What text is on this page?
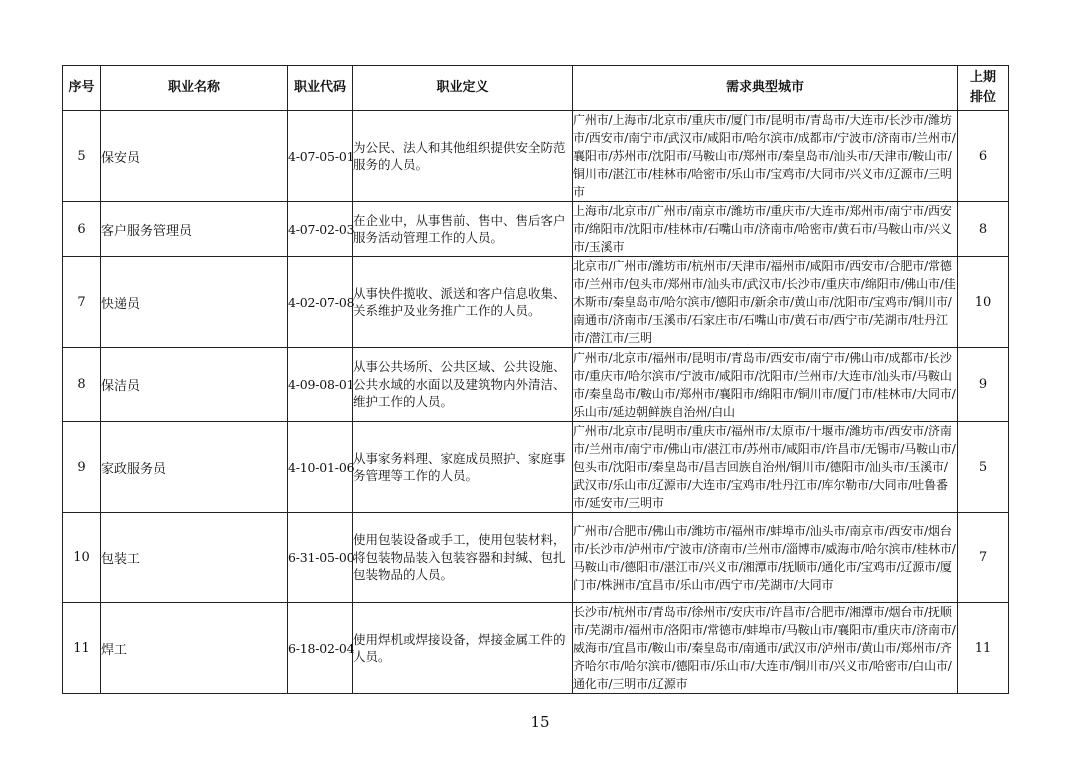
序号	职业名称	职业代码	职业定义	需求典型城市	上期排位
5	保安员	4-07-05-01	为公民、法人和其他组织提供安全防范服务的人员。	广州市/上海市/北京市/重庆市/厦门市/昆明市/青岛市/大连市/长沙市/潍坊市/西安市/南宁市/武汉市/咸阳市/哈尔滨市/成都市/宁波市/济南市/兰州市/襄阳市/苏州市/沈阳市/马鞍山市/郑州市/秦皇岛市/汕头市/天津市/鞍山市/铜川市/湛江市/桂林市/哈密市/乐山市/宝鸡市/大同市/兴义市/辽源市/三明市	6
6	客户服务管理员	4-07-02-03	在企业中，从事售前、售中、售后客户服务活动管理工作的人员。	上海市/北京市/广州市/南京市/潍坊市/重庆市/大连市/郑州市/南宁市/西安市/绵阳市/沈阳市/桂林市/石嘴山市/济南市/哈密市/黄石市/马鞍山市/兴义市/玉溪市	8
7	快递员	4-02-07-08	从事快件揽收、派送和客户信息收集、关系维护及业务推广工作的人员。	北京市/广州市/潍坊市/杭州市/天津市/福州市/咸阳市/西安市/合肥市/常德市/兰州市/包头市/郑州市/汕头市/武汉市/长沙市/重庆市/绵阳市/佛山市/佳木斯市/秦皇岛市/哈尔滨市/德阳市/新余市/黄山市/沈阳市/宝鸡市/铜川市/南通市/济南市/玉溪市/石家庄市/石嘴山市/黄石市/西宁市/芜湖市/牡丹江市/潜江市/三明	10
8	保洁员	4-09-08-01	从事公共场所、公共区域、公共设施、公共水域的水面以及建筑物内外清洁、维护工作的人员。	广州市/北京市/福州市/昆明市/青岛市/西安市/南宁市/佛山市/成都市/长沙市/重庆市/哈尔滨市/宁波市/咸阳市/沈阳市/兰州市/大连市/汕头市/马鞍山市/秦皇岛市/鞍山市/郑州市/襄阳市/绵阳市/铜川市/厦门市/桂林市/大同市/乐山市/延边朝鲜族自治州/白山	9
9	家政服务员	4-10-01-06	从事家务料理、家庭成员照护、家庭事务管理等工作的人员。	广州市/北京市/昆明市/重庆市/福州市/太原市/十堰市/潍坊市/西安市/济南市/兰州市/南宁市/佛山市/湛江市/苏州市/咸阳市/许昌市/无锡市/马鞍山市/包头市/沈阳市/秦皇岛市/昌吉回族自治州/铜川市/德阳市/汕头市/玉溪市/武汉市/乐山市/辽源市/大连市/宝鸡市/牡丹江市/库尔勒市/大同市/吐鲁番市/延安市/三明市	5
10	包装工	6-31-05-00	使用包装设备或手工，使用包装材料，将包装物品装入包装容器和封缄、包扎包装物品的人员。	广州市/合肥市/佛山市/潍坊市/福州市/蚌埠市/汕头市/南京市/西安市/烟台市/长沙市/泸州市/宁波市/济南市/兰州市/淄博市/威海市/哈尔滨市/桂林市/马鞍山市/德阳市/湛江市/兴义市/湘潭市/抚顺市/通化市/宝鸡市/辽源市/厦门市/株洲市/宜昌市/乐山市/西宁市/芜湖市/大同市	7
11	焊工	6-18-02-04	使用焊机或焊接设备，焊接金属工件的人员。	长沙市/杭州市/青岛市/徐州市/安庆市/许昌市/合肥市/湘潭市/烟台市/抚顺市/芜湖市/福州市/洛阳市/常德市/蚌埠市/马鞍山市/襄阳市/重庆市/济南市/威海市/宜昌市/鞍山市/秦皇岛市/南通市/武汉市/泸州市/黄山市/郑州市/齐齐哈尔市/哈尔滨市/德阳市/乐山市/大连市/铜川市/兴义市/哈密市/白山市/通化市/三明市/辽源市	11
15
